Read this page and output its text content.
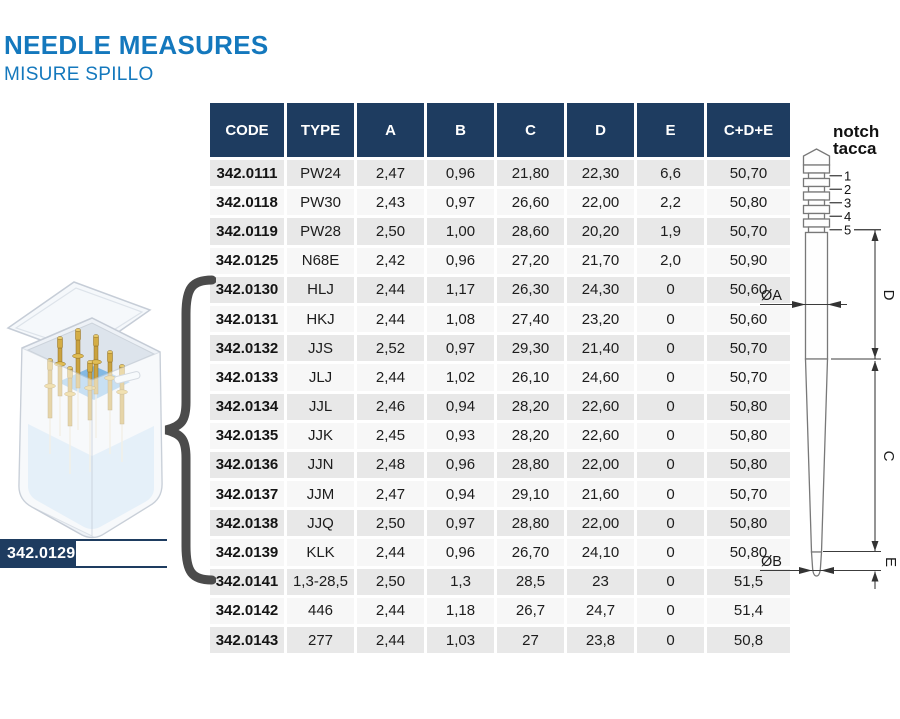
NEEDLE MEASURES
MISURE SPILLO
CODE	TYPE	A	B	C	D	E	C+D+E
342.0111	PW24	2,47	0,96	21,80	22,30	6,6	50,70
342.0118	PW30	2,43	0,97	26,60	22,00	2,2	50,80
342.0119	PW28	2,50	1,00	28,60	20,20	1,9	50,70
342.0125	N68E	2,42	0,96	27,20	21,70	2,0	50,90
342.0130	HLJ	2,44	1,17	26,30	24,30	0	50,60
342.0131	HKJ	2,44	1,08	27,40	23,20	0	50,60
342.0132	JJS	2,52	0,97	29,30	21,40	0	50,70
342.0133	JLJ	2,44	1,02	26,10	24,60	0	50,70
342.0134	JJL	2,46	0,94	28,20	22,60	0	50,80
342.0135	JJK	2,45	0,93	28,20	22,60	0	50,80
342.0136	JJN	2,48	0,96	28,80	22,00	0	50,80
342.0137	JJM	2,47	0,94	29,10	21,60	0	50,70
342.0138	JJQ	2,50	0,97	28,80	22,00	0	50,80
342.0139	KLK	2,44	0,96	26,70	24,10	0	50,80
342.0141	1,3-28,5	2,50	1,3	28,5	23	0	51,5
342.0142	446	2,44	1,18	26,7	24,7	0	51,4
342.0143	277	2,44	1,03	27	23,8	0	50,8
342.0129
notch
tacca
1
2
3
4
5
ØA	D
C
ØB	E
